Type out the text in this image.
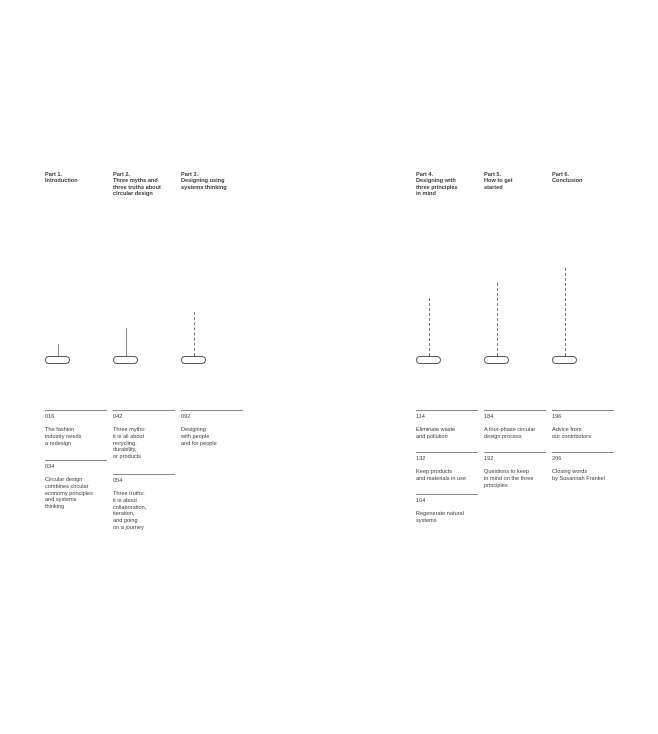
Part 1.
Introduction
016
The fashion
industry needs
a redesign
034
Circular design
combines circular
economy principles
and systems
thinking
Part 2.
Three myths and
three truths about
circular design
042
Three myths:
it is all about
recycling,
durability,
or products
054
Three truths:
it is about
collaboration,
iteration,
and going
on a journey
Part 3.
Designing using
systems thinking
092
Designing
with people
and for people
Part 4.
Designing with
three principles
in mind
114
Eliminate waste
and pollution
132
Keep products
and materials in use
164
Regenerate natural
systems
Part 5.
How to get
started
184
A four-phase circular
design process
192
Questions to keep
in mind on the three
principles
Part 6.
Conclusion
196
Advice from
our contributors
206
Closing words
by Susannah Frankel
